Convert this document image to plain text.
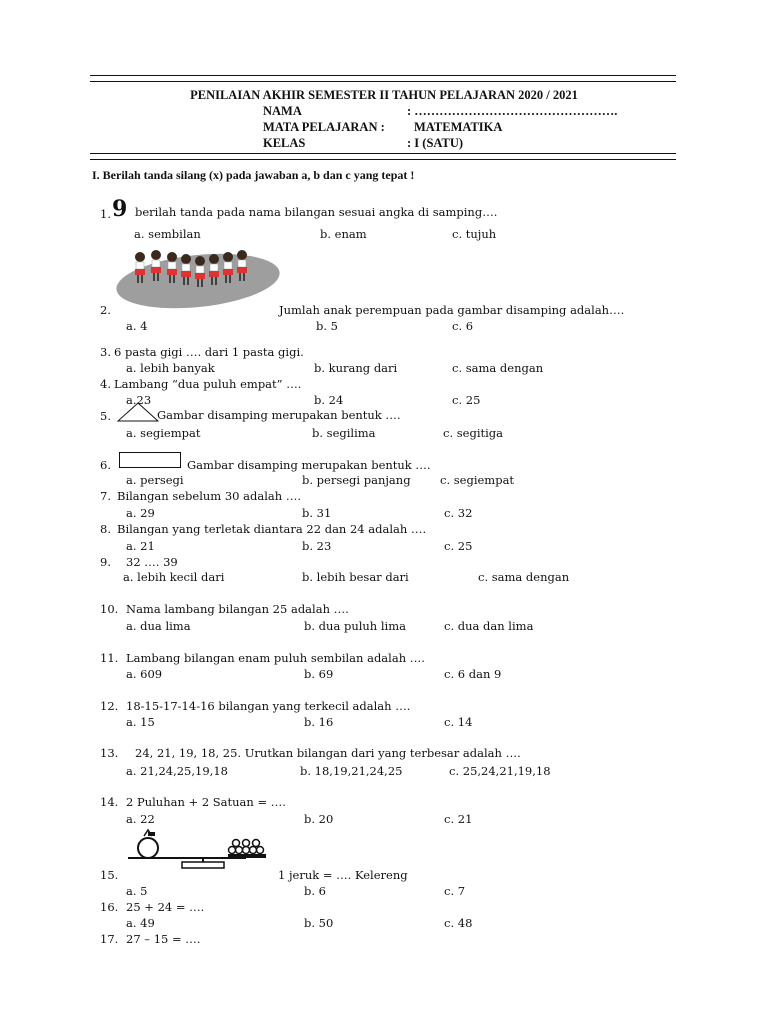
PENILAIAN AKHIR SEMESTER II TAHUN PELAJARAN 2020 / 2021
NAMA	: ………………………………………….
MATA PELAJARAN : MATEMATIKA
KELAS	: I (SATU)
I. Berilah tanda silang (x) pada jawaban a, b dan c yang tepat !
1. 9 berilah tanda pada nama bilangan sesuai angka di samping….
a. sembilan	b. enam	c. tujuh
2.	Jumlah anak perempuan pada gambar disamping adalah….
a. 4	b. 5	c. 6
3. 6 pasta gigi …. dari 1 pasta gigi.
a. lebih banyak	b. kurang dari	c. sama dengan
4. Lambang “dua puluh empat” ….
a.23	b. 24	c. 25
5.	Gambar disamping merupakan bentuk ….
a. segiempat	b. segilima	c. segitiga
6.	Gambar disamping merupakan bentuk ….
a. persegi	b. persegi panjang	c. segiempat
7. Bilangan sebelum 30 adalah ….
a. 29	b. 31	c. 32
8. Bilangan yang terletak diantara 22 dan 24 adalah ….
a. 21	b. 23	c. 25
9. 32 …. 39
a. lebih kecil dari	b. lebih besar dari	c. sama dengan
10. Nama lambang bilangan 25 adalah ….
a. dua lima	b. dua puluh lima	c. dua dan lima
11. Lambang bilangan enam puluh sembilan adalah ….
a. 609	b. 69	c. 6 dan 9
12. 18-15-17-14-16 bilangan yang terkecil adalah ….
a. 15	b. 16	c. 14
13. 24, 21, 19, 18, 25. Urutkan bilangan dari yang terbesar adalah ….
a. 21,24,25,19,18	b. 18,19,21,24,25	c. 25,24,21,19,18
14. 2 Puluhan + 2 Satuan = ….
a. 22	b. 20	c. 21
15.	1 jeruk = …. Kelereng
a. 5	b. 6	c. 7
16. 25 + 24 = ….
a. 49	b. 50	c. 48
17. 27 – 15 = ….
